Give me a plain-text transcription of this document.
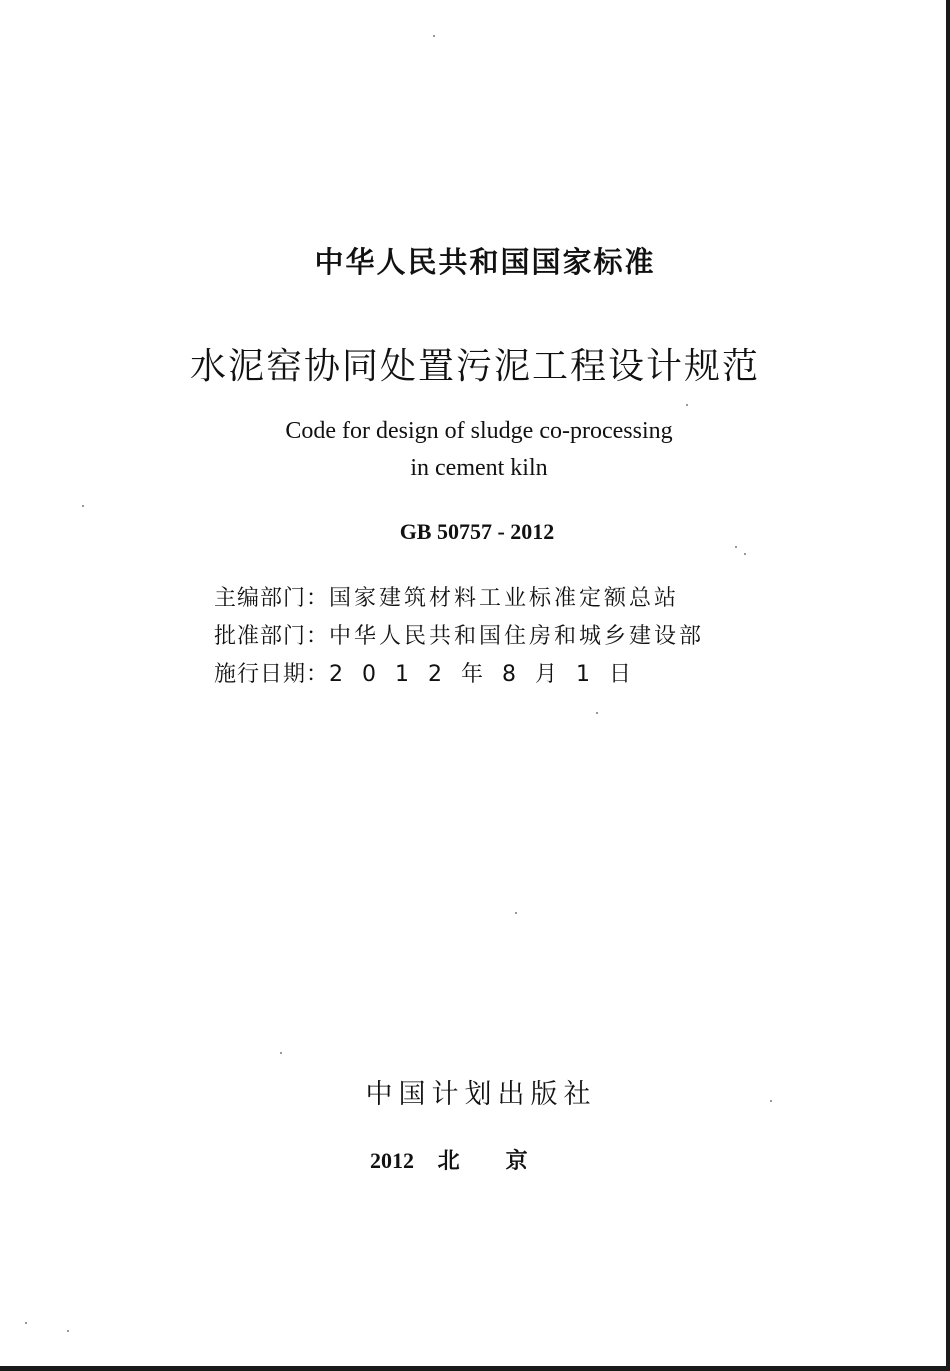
中华人民共和国国家标准
水泥窑协同处置污泥工程设计规范
Code for design of sludge co-processing
in cement kiln
GB 50757 - 2012
主编部门： 国家建筑材料工业标准定额总站
批准部门： 中华人民共和国住房和城乡建设部
施行日期： 2012年8月1日
中国计划出版社
2012 北京
